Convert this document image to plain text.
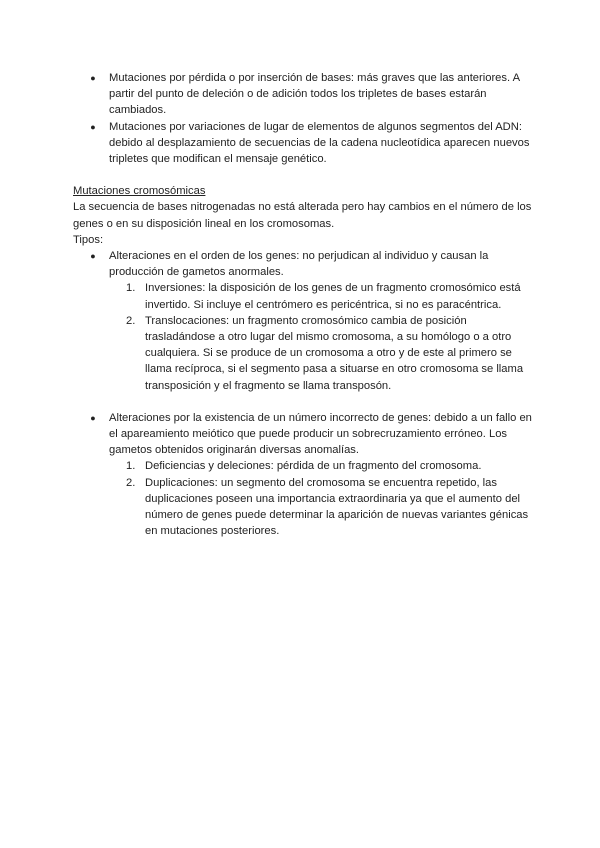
● Mutaciones por pérdida o por inserción de bases: más graves que las anteriores. A partir del punto de deleción o de adición todos los tripletes de bases estarán cambiados.
● Mutaciones por variaciones de lugar de elementos de algunos segmentos del ADN: debido al desplazamiento de secuencias de la cadena nucleotídica aparecen nuevos tripletes que modifican el mensaje genético.

Mutaciones cromosómicas

La secuencia de bases nitrogenadas no está alterada pero hay cambios en el número de los genes o en su disposición lineal en los cromosomas.

Tipos:

● Alteraciones en el orden de los genes: no perjudican al individuo y causan la producción de gametos anormales.
1. Inversiones: la disposición de los genes de un fragmento cromosómico está invertido. Si incluye el centrómero es pericéntrica, si no es paracéntrica.
2. Translocaciones: un fragmento cromosómico cambia de posición trasladándose a otro lugar del mismo cromosoma, a su homólogo o a otro cualquiera. Si se produce de un cromosoma a otro y de este al primero se llama recíproca, si el segmento pasa a situarse en otro cromosoma se llama transposición y el fragmento se llama transposón.
● Alteraciones por la existencia de un número incorrecto de genes: debido a un fallo en el apareamiento meiótico que puede producir un sobrecruzamiento erróneo. Los gametos obtenidos originarán diversas anomalías.
1. Deficiencias y deleciones: pérdida de un fragmento del cromosoma.
2. Duplicaciones: un segmento del cromosoma se encuentra repetido, las duplicaciones poseen una importancia extraordinaria ya que el aumento del número de genes puede determinar la aparición de nuevas variantes génicas en mutaciones posteriores.
